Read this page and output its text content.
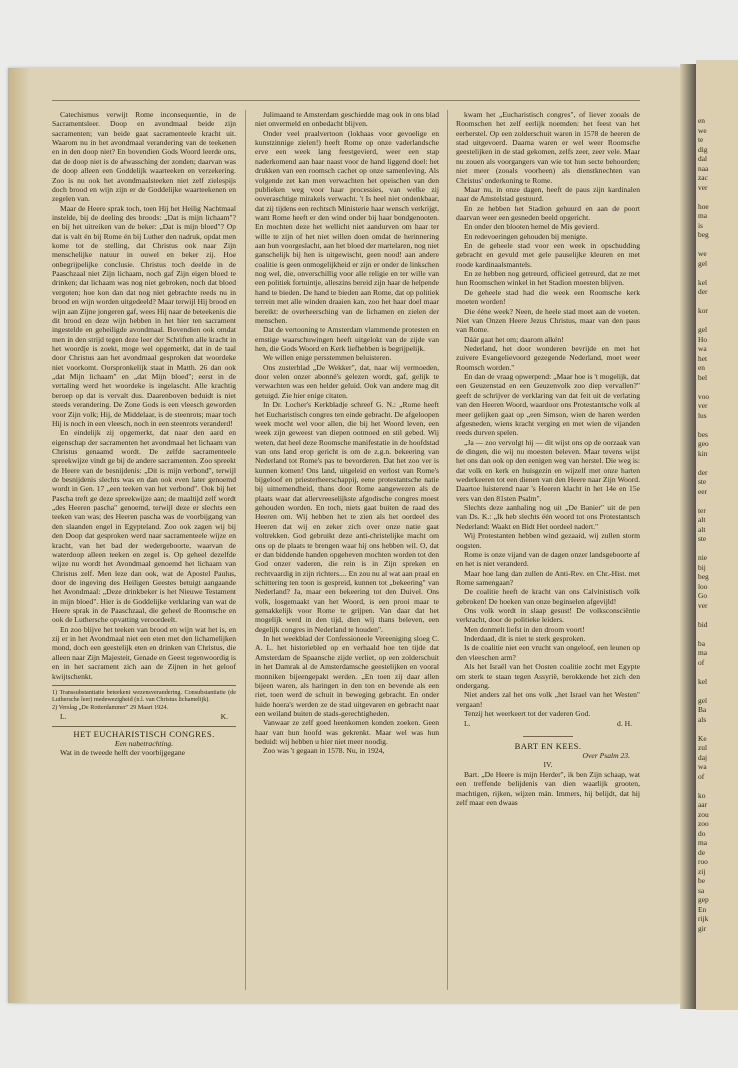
en
we
te
dig
dal
naa
zac
ver
hoe
ma
is
beg
we
gel
kel
der
kor
gel
Ho
wa
het
en
bel
voo
ver
lus
bes
geo
kin
der
ste
eer
ter
alt
alt
ste
nie
bij
beg
loo
Go
ver
bid
ba
ma
of
kel
gel
Ba
als
Ke
zul
daj
wa
of
ko
aar
zou
zoo
do
ma
de
roo
zij
be
sa
gep
En
rijk
gir

Catechismus verwijt Rome inconsequentie, in de Sacramentsleer. Doop en avondmaal beide zijn sacramenten; van beide gaat sacramenteele kracht uit. Waarom nu in het avondmaal verandering van de teekenen en in den doop niet? En bovendien Gods Woord leerde ons, dat de doop niet is de afwassching der zonden; daarvan was de doop alleen een Goddelijk waarteeken en verzekering. Zoo is nu ook het avondmaalsteeken niet zelf zielespijs doch brood en wijn zijn er de Goddelijke waarteekenen en zegelen van.

Maar de Heere sprak toch, toen Hij het Heilig Nachtmaal instelde, bij de deeling des broods: „Dat is mijn lichaam"? en bij het uitreiken van de beker: „Dat is mijn bloed"? Op dat is valt én bij Rome én bij Luther den nadruk, opdat men kome tot de stelling, dat Christus ook naar Zijn menschelijke natuur in ouwel en beker zij. Hoe onbegrijpelijke conclusie. Christus toch deelde in de Paaschzaal niet Zijn lichaam, noch gaf Zijn eigen bloed te drinken; dat lichaam was nog niet gebroken, noch dat bloed vergoten; hoe kon dan dat nog niet gebrachte reeds nu in brood en wijn worden uitgedeeld? Maar terwijl Hij brood en wijn aan Zijne jongeren gaf, wees Hij naar de beteekenis die dit brood en deze wijn hebben in het hier ten sacrament ingestelde en geheiligde avondmaal. Bovendien ook omdat men in den strijd tegen deze leer der Schriften alle kracht in het woordje is zoekt, moge wel opgemerkt, dat in de taal door Christus aan het avondmaal gesproken dat woordeke niet voorkomt. Oorspronkelijk staat in Matth. 26 dan ook „dat Mijn lichaam" en „dat Mijn bloed"; eerst in de vertaling werd het woordeke is ingelascht. Alle krachtig beroep op dat is vervalt dus. Daarenboven beduidt is niet steeds verandering. De Zone Gods is een vleesch geworden voor Zijn volk; Hij, de Middelaar, is de steenrots; maar toch Hij is noch in een vleesch, noch in een steenrots veranderd!

En eindelijk zij opgemerkt, dat naar den aard en eigenschap der sacramenten het avondmaal het lichaam van Christus genaamd wordt. De zelfde sacramenteele spreekwijze vindt ge bij de andere sacramenten. Zoo spreekt de Heere van de besnijdenis: „Dit is mijn verbond", terwijl de besnijdenis slechts was en dan ook even later genoemd wordt in Gen. 17 „een teeken van het verbond". Ook bij het Pascha treft ge deze spreekwijze aan; de maaltijd zelf wordt „des Heeren pascha" genoemd, terwijl deze er slechts een teeken van was; des Heeren pascha was de voorbijgang van den slaanden engel in Egypteland. Zoo ook zagen wij bij den Doop dat gesproken werd naar sacramenteele wijze en kracht, van het bad der wedergeboorte, waarvan de waterdoop alleen teeken en zegel is. Op geheel dezelfde wijze nu wordt het Avondmaal genoemd het lichaam van Christus zelf. Men leze dan ook, wat de Apostel Paulus, door de ingeving des Heiligen Geestes betuigt aangaande het Avondmaal: „Deze drinkbeker is het Nieuwe Testament in mijn bloed". Hier is de Goddelijke verklaring van wat de Heere sprak in de Paaschzaal, die geheel de Roomsche en ook de Luthersche opvatting veroordeelt.

En zoo blijve het teeken van brood en wijn wat het is, en zij er in het Avondmaal niet een eten met den lichamelijken mond, doch een geestelijk eten en drinken van Christus, die alleen naar Zijn Majesteit, Genade en Geest tegenwoordig is en in het sacrament zich aan de Zijnen in het geloof kwijtschenkt.

1) Transsubstantiatie beteekent wezensverandering. Consubstantiatie (de Luthersche leer) medewezigheid (n.l. van Christus lichamelijk).

2) Verslag „De Rotterdammer" 29 Maart 1924.

L.	K.

HET EUCHARISTISCH CONGRES.

Een nabetrachting.

Wat in de tweede helft der voorbijgegane

Julimaand te Amsterdam geschiedde mag ook in ons blad niet onvermeld en onbedacht blijven.

Onder veel praalvertoon (lokhaas voor gevoelige en kunstzinnige zielen!) heeft Rome op onze vaderlandsche erve een week lang feestgevierd, weer een stap naderkomend aan haar naast voor de hand liggend doel: het drukken van een roomsch cachet op onze samenleving. Als volgende zet kan men verwachten het opeischen van den publieken weg voor haar processies, van welke zij ooveraschtige mirakels verwacht. 't Is heel niet ondenkbaar, dat zij tijdens een rechtsch Ministerie haar wensch verkrijgt, want Rome heeft er den wind onder bij haar bondgenooten. En mochten deze het wellicht niet aandurven om haar ter wille te zijn of het niet willen doen omdat de herinnering aan hun voorgeslacht, aan het bloed der martelaren, nog niet ganschelijk bij hen is uitgewischt, geen nood! aan andere coalitie is geen onmogelijkheid er zijn er onder de linkschen nog wel, die, onverschillig voor alle religie en ter wille van een politiek fortuintje, alleszins bereid zijn haar de helpende hand te bieden. De hand te bieden aan Rome, dat op politiek terrein met alle winden draaien kan, zoo het haar doel maar bereikt: de overheersching van de lichamen en zielen der menschen.

Dat de vertooning te Amsterdam vlammende protesten en ernstige waarschuwingen heeft uitgelokt van de zijde van hen, die Gods Woord en Kerk liefhebben is begrijpelijk.

We willen enige persstemmen beluisteren.

Ons zusterblad „De Wekker", dat, naar wij vermoeden, door velen onzer abonné's gelezen wordt, gaf, gelijk te verwachten was een helder geluid. Ook van andere mag dit getuigd. Zie hier enige citaten.

In Dr. Locher's Kerkbladje schreef G. N.: „Rome heeft het Eucharistisch congres ten einde gebracht. De afgeloopen week mocht wel voor allen, die bij het Woord leven, een week zijn geweest van diepen ootmoed en stil gebed. Wij weten, dat heel deze Roomsche manifestatie in de hoofdstad van ons land erop gericht is om de z.g.n. bekeering van Nederland tot Rome's pas te bevorderen. Dat het zoo ver is kunnen komen! Ons land, uitgeleid en verlost van Rome's bijgeloof en priesterheerschappij, eene protestantsche natie bij uitnemendheid, thans door Rome aangewezen als de plaats waar dat allervreeselijkste afgodische congres moest gehouden worden. En toch, niets gaat buiten de raad des Heeren om. Wij hebben het te zien als het oordeel des Heeren dat wij en zeker zich over onze natie gaat voltrekken. God gebruikt deze anti-christelijke macht om ons op de plaats te brengen waar hij ons hebben wil. O, dat er dan biddende handen opgeheven mochten worden tot den God onzer vaderen, die rein is in Zijn spreken en rechtvaardig in zijn richters.... En zou nu al wat aan praal en schittering ten toon is gespreid, kunnen tot „bekeering" van Nederland? Ja, maar een bekeering tot den Duivel. Ons volk, losgemaakt van het Woord, is een prooi maar te gemakkelijk voor Rome te grijpen. Van daar dat het mogelijk werd in den tijd, dien wij thans beleven, een degelijk congres in Nederland te houden".

In het weekblad der Confessioneele Vereeniging sloeg C. A. L. het historiebled op en verhaald hoe ten tijde dat Amsterdam de Spaansche zijde verliet, op een zolderschuit in het Damrak al de Amsterdamsche geestelijken en vooral monniken bijeengepakt werden. „En toen zij daar allen bijeen waren, als haringen in den ton en bevende als een riet, toen werd de schuit in beweging gebracht. En onder luide hoera's werden ze de stad uitgevaren en gebracht naar een weiland buiten de stads-gerechtigheden.

Vanwaar ze zelf goed heenkomen konden zoeken. Geen haar van hun hoofd was gekrenkt. Maar wel was hun beduid: wij hebben u hier niet meer noodig.

Zoo was 't gegaan in 1578. Nu, in 1924,

kwam het „Eucharistisch congres", of liever zooals de Roomschen het zelf eerlijk noemden: het feest van het eerherstel. Op een zolderschuit waren in 1578 de heeren de stad uitgevoerd. Daarna waren er wel weer Roomsche geestelijken in de stad gekomen, zelfs zeer, zeer vele. Maar nu zouen als voorgangers van wie tot hun secte behoorden; niet meer (zooals voorheen) als dienstknechten van Christus' onderkoning te Rome.

Maar nu, in onze dagen, heeft de paus zijn kardinalen naar de Amstelstad gestuurd.

En ze hebben het Stadion gehuurd en aan de poort daarvan weer een gesneden beeld opgericht.

En onder den blooten hemel de Mis gevierd.

En redevoeringen gehouden bij menigte.

En de geheele stad voor een week in opschudding gebracht en gevuld met gele pauselijke kleuren en met roode kardinaalsmantels.

En ze hebben nog getreurd, officieel getreurd, dat ze met hun Roomschen winkel in het Stadion moesten blijven.

De geheele stad had die week een Roomsche kerk moeten worden!

Die ééne week? Neen, de heele stad moet aan de voeten. Niet van Onzen Heere Jezus Christus, maar van den paus van Rome.

Dáár gaat het om; daarom alkén!

Nederland, het door wonderen bevrijde en met het zuivere Evangelievoord gezegende Nederland, moet weer Roomsch worden."

En dan de vraag opwerpend: „Maar hoe is 't mogelijk, dat een Geuzenstad en een Geuzenvolk zoo diep vervallen?" geeft de schrijver de verklaring van dat feit uit de verlating van den Heeren Woord, waardoor ons Protestantsche volk al meer gelijken gaat op „een Simson, wien de haren werden afgesneden, wiens kracht verging en met wien de vijanden reeds durven spelen.

„Ja — zoo vervolgt hij — dit wijst ons op de oorzaak van de dingen, die wij nu moesten beleven. Maar tevens wijst het ons dan ook op den eenigen weg van herstel. Die weg is: dat volk en kerk en huisgezin en wijzelf met onze harten wederkeeren tot een dienen van den Heere naar Zijn Woord. Daartoe luisterend naar 's Heeren klacht in het 14e en 15e vers van den 81sten Psalm".

Slechts deze aanhaling nog uit „De Banier" uit de pen van Ds. K.: „Ik heb slechts één woord tot ons Protestantsch Nederland: Waakt en Bidt Het oordeel nadert."

Wij Protestanten hebben wind gezaaid, wij zullen storm oogsten.

Rome is onze vijand van de dagen onzer landsgeboorte af en het is niet veranderd.

Maar hoe lang dan zullen de Anti-Rev. en Chr.-Hist. met Rome samengaan?

De coalitie heeft de kracht van ons Calvinistisch volk gebroken! De hoeken van onze beginselen afgevijld!

Ons volk wordt in slaap gesust! De volksconsciëntie verkracht, door de politieke leiders.

Men donmelt liefst in den droom voort!

Inderdaad, dit is niet te sterk gesproken.

Is de coalitie niet een vrucht van ongeloof, een leunen op den vleeschen arm?

Als het Israël van het Oosten coalitie zocht met Egypte om sterk te staan tegen Assyrië, berokkende het zich den ondergang.

Niet anders zal het ons volk „het Israel van het Westen" vergaan!

Tenzij het weerkeert tot der vaderen God.

L.	d. H.

BART EN KEES.

Over Psalm 23.

IV.

Bart. „De Heere is mijn Herder", ik ben Zijn schaap, wat een treffende belijdenis van dien waarlijk grooten, machtigen, rijken, wijzen mán. Immers, hij belijdt, dat hij zelf maar een dwaas
